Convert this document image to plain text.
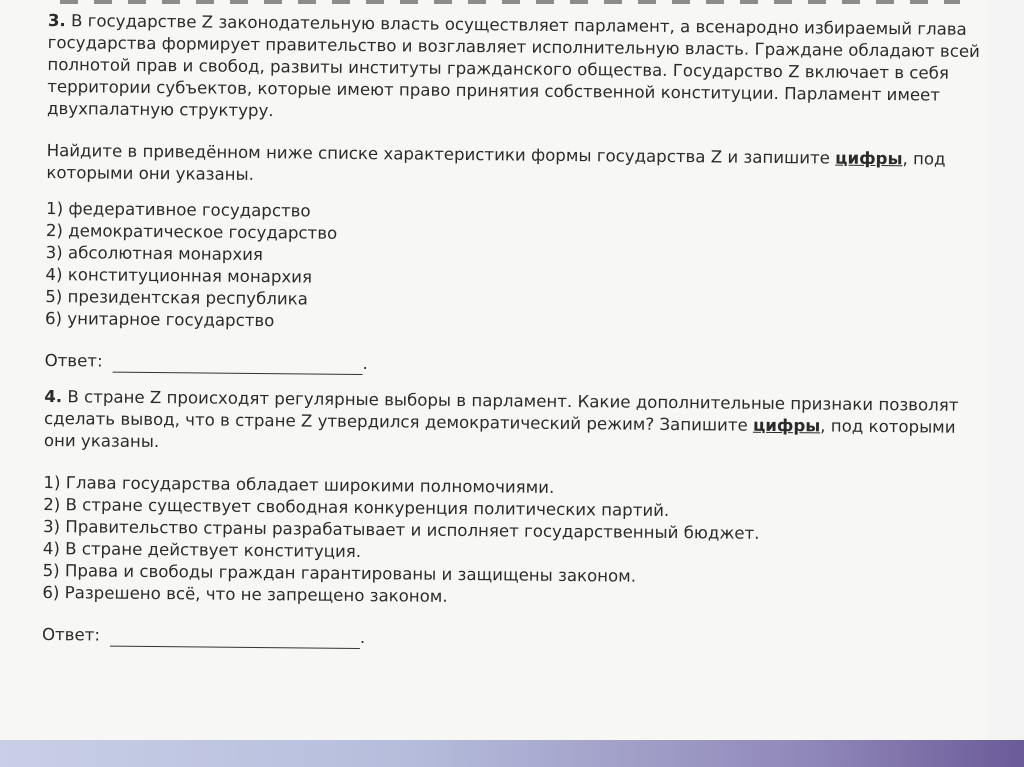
3. В государстве Z законодательную власть осуществляет парламент, а всенародно избираемый глава государства формирует правительство и возглавляет исполнительную власть. Граждане обладают всей полнотой прав и свобод, развиты институты гражданского общества. Государство Z включает в себя территории субъектов, которые имеют право принятия собственной конституции. Парламент имеет двухпалатную структуру.

Найдите в приведённом ниже списке характеристики формы государства Z и запишите цифры, под которыми они указаны.

1) федеративное государство
2) демократическое государство
3) абсолютная монархия
4) конституционная монархия
5) президентская республика
6) унитарное государство
Ответ:	.

4. В стране Z происходят регулярные выборы в парламент. Какие дополнительные признаки позволят сделать вывод, что в стране Z утвердился демократический режим? Запишите цифры, под которыми они указаны.

1) Глава государства обладает широкими полномочиями.
2) В стране существует свободная конкуренция политических партий.
3) Правительство страны разрабатывает и исполняет государственный бюджет.
4) В стране действует конституция.
5) Права и свободы граждан гарантированы и защищены законом.
6) Разрешено всё, что не запрещено законом.
Ответ:	.
